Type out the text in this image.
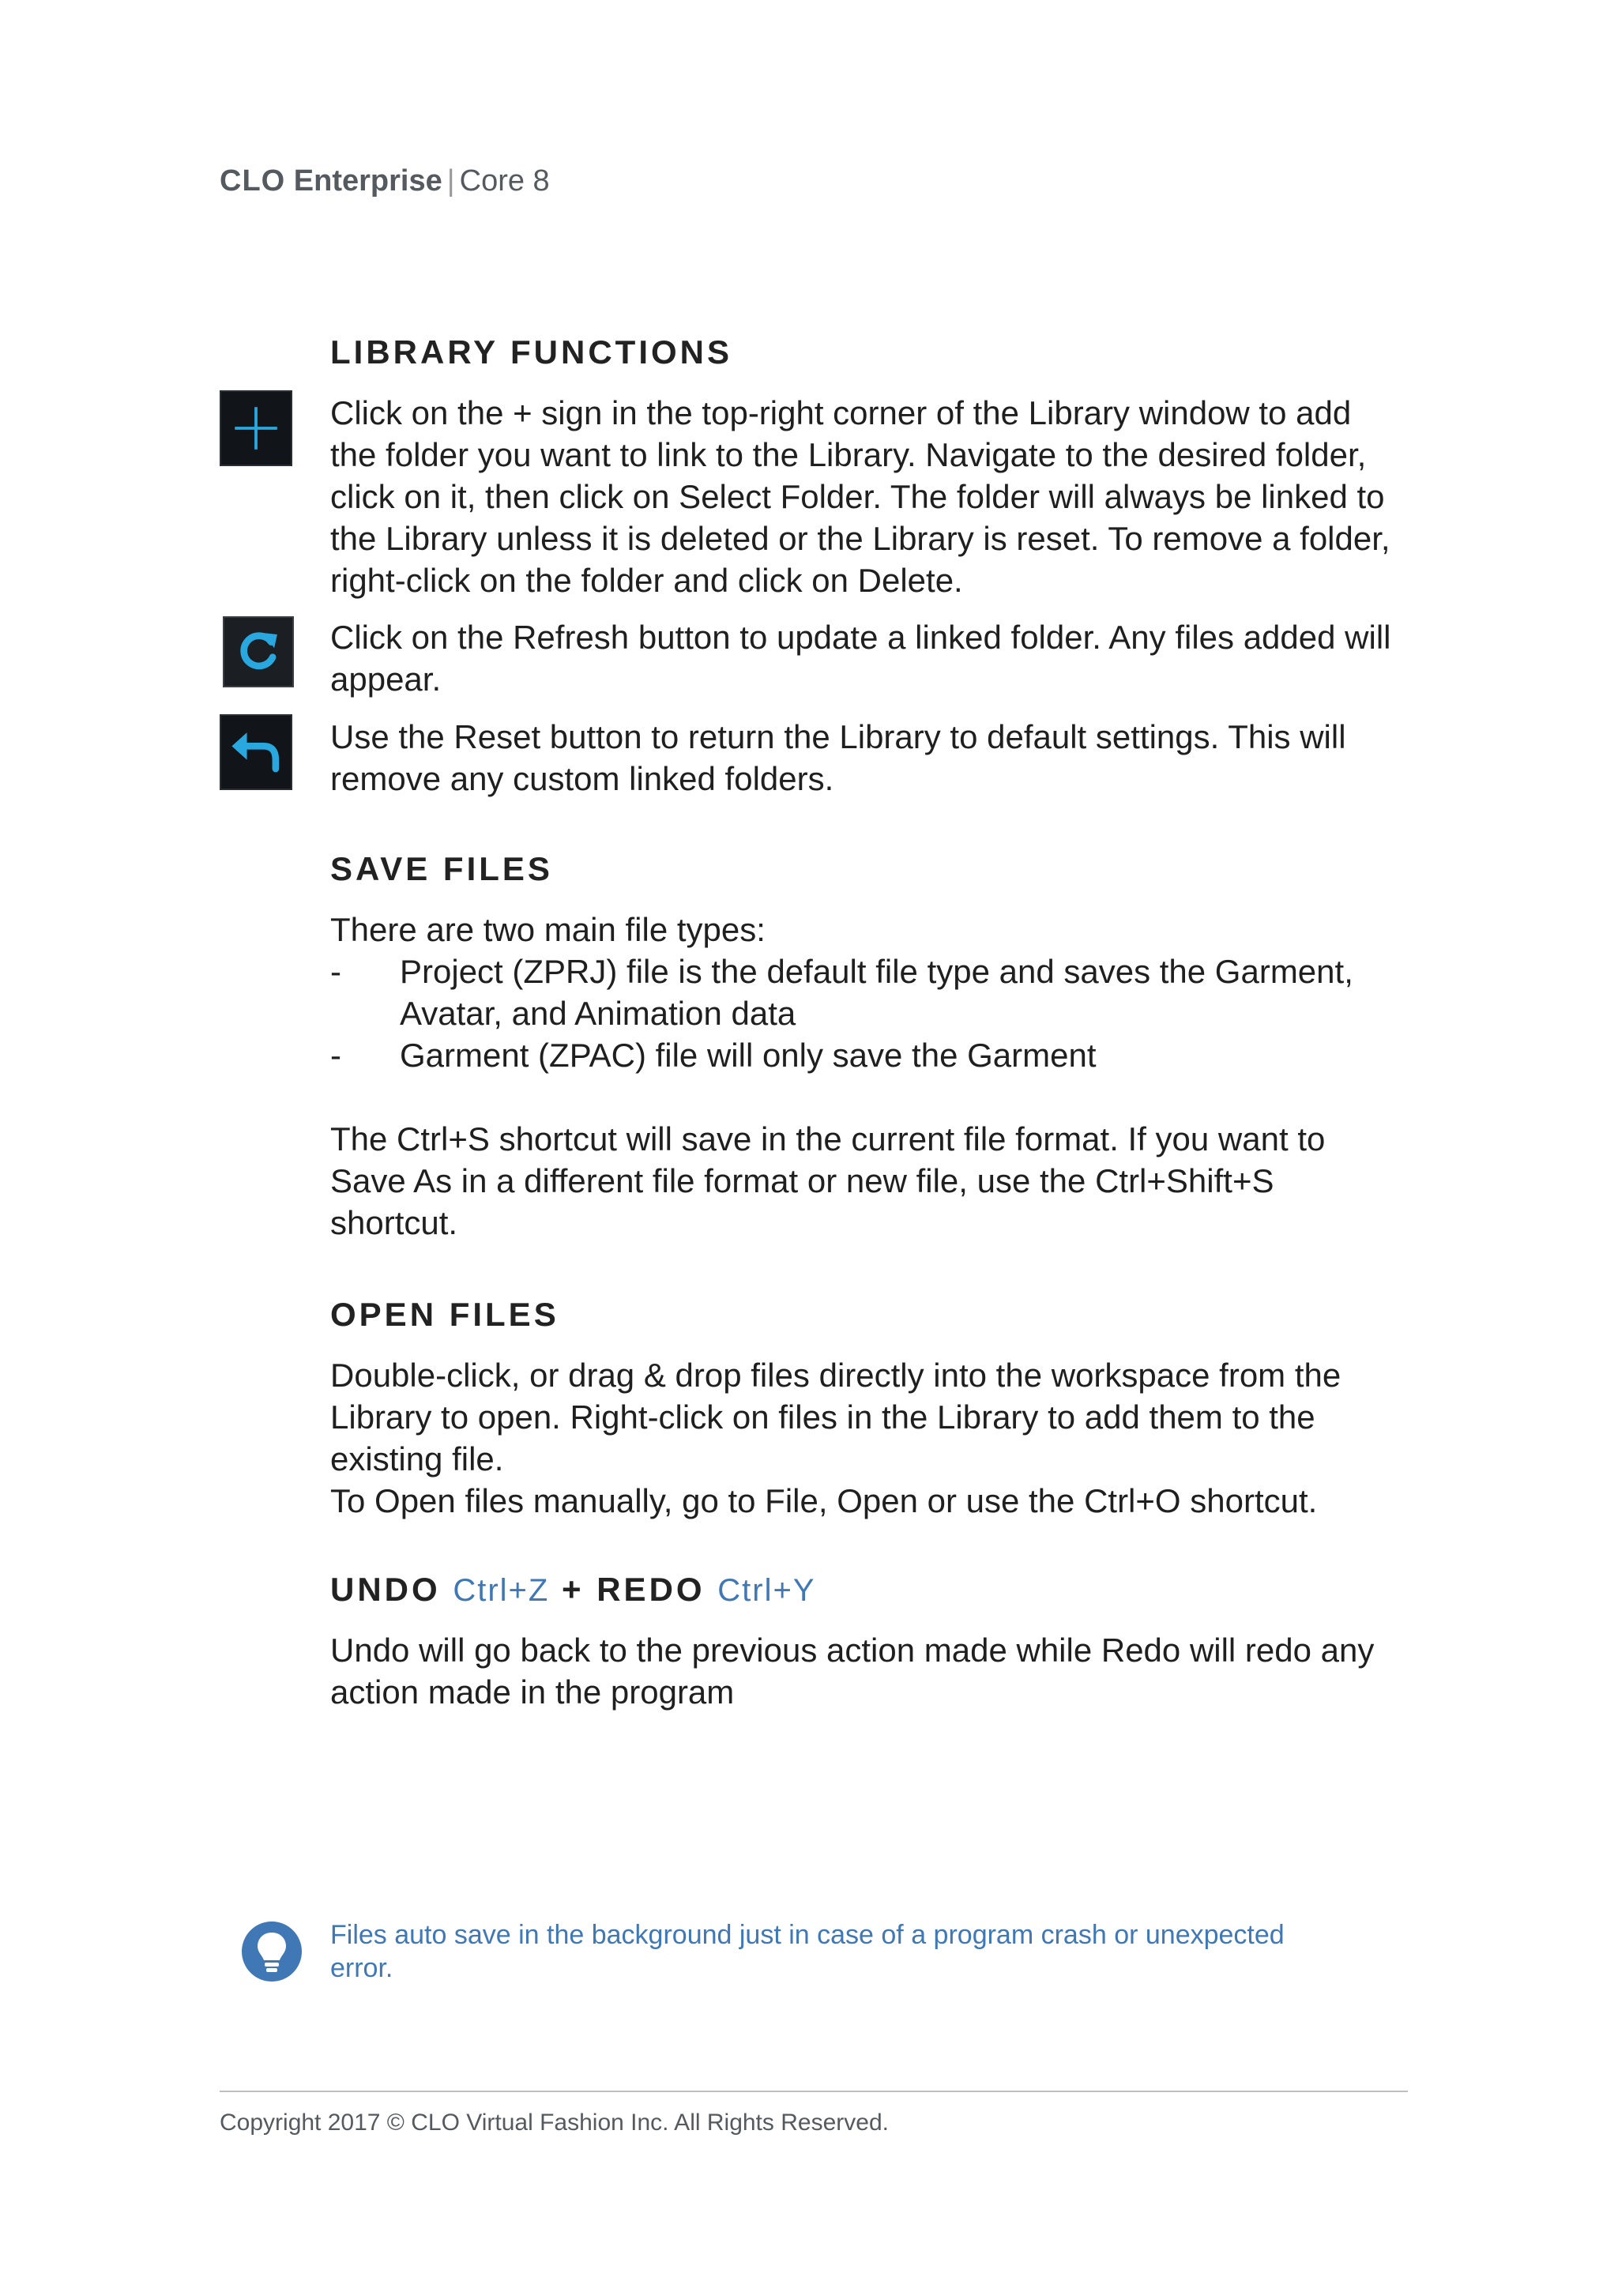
CLO Enterprise | Core 8
LIBRARY FUNCTIONS

Click on the + sign in the top-right corner of the Library window to add the folder you want to link to the Library. Navigate to the desired folder, click on it, then click on Select Folder. The folder will always be linked to the Library unless it is deleted or the Library is reset. To remove a folder, right-click on the folder and click on Delete.

Click on the Refresh button to update a linked folder. Any files added will appear.

Use the Reset button to return the Library to default settings. This will remove any custom linked folders.

SAVE FILES

There are two main file types:

- Project (ZPRJ) file is the default file type and saves the Garment, Avatar, and Animation data
- Garment (ZPAC) file will only save the Garment

The Ctrl+S shortcut will save in the current file format. If you want to Save As in a different file format or new file, use the Ctrl+Shift+S shortcut.

OPEN FILES

Double-click, or drag & drop files directly into the workspace from the Library to open. Right-click on files in the Library to add them to the existing file.

To Open files manually, go to File, Open or use the Ctrl+O shortcut.

UNDO Ctrl+Z + REDO Ctrl+Y

Undo will go back to the previous action made while Redo will redo any action made in the program

Files auto save in the background just in case of a program crash or unexpected error.
Copyright 2017 © CLO Virtual Fashion Inc. All Rights Reserved.
